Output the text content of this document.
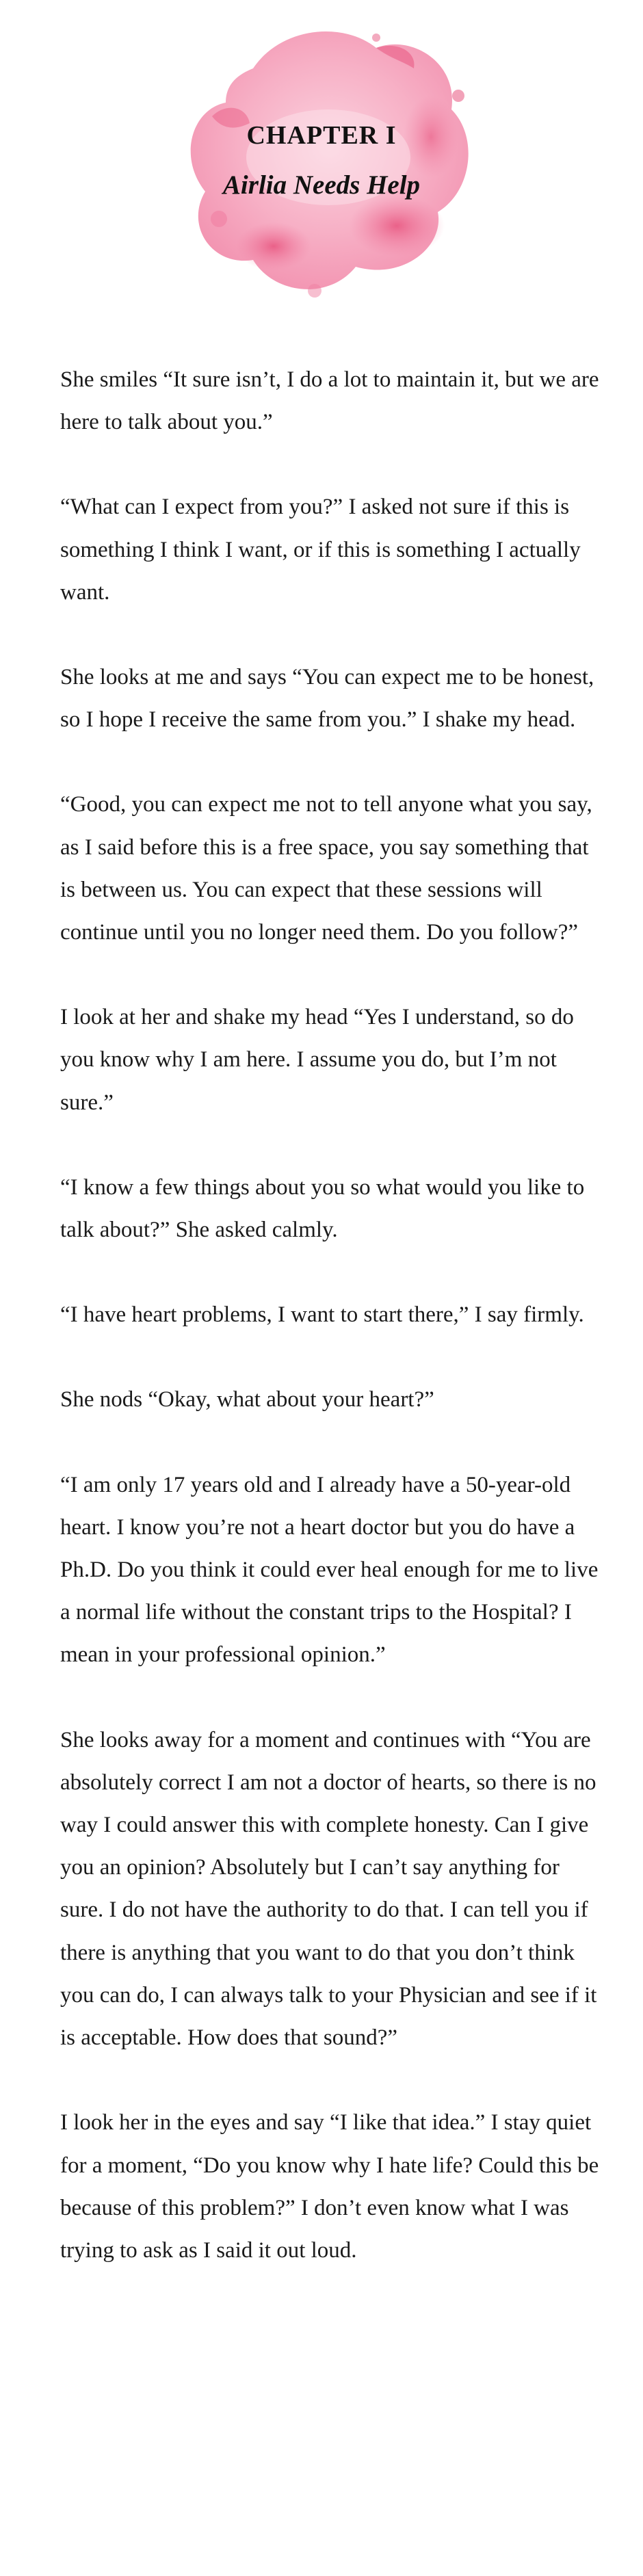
CHAPTER I
Airlia Needs Help

She smiles “It sure isn’t, I do a lot to maintain it, but we are here to talk about you.”

“What can I expect from you?” I asked not sure if this is something I think I want, or if this is something I actually want.

She looks at me and says “You can expect me to be honest, so I hope I receive the same from you.” I shake my head.

“Good, you can expect me not to tell anyone what you say, as I said before this is a free space, you say something that is between us. You can expect that these sessions will continue until you no longer need them. Do you follow?”

I look at her and shake my head “Yes I understand, so do you know why I am here. I assume you do, but I’m not sure.”

“I know a few things about you so what would you like to talk about?” She asked calmly.

“I have heart problems, I want to start there,” I say firmly.

She nods “Okay, what about your heart?”

“I am only 17 years old and I already have a 50-year-old heart. I know you’re not a heart doctor but you do have a Ph.D. Do you think it could ever heal enough for me to live a normal life without the constant trips to the Hospital? I mean in your professional opinion.”

She looks away for a moment and continues with “You are absolutely correct I am not a doctor of hearts, so there is no way I could answer this with complete honesty. Can I give you an opinion? Absolutely but I can’t say anything for sure. I do not have the authority to do that. I can tell you if there is anything that you want to do that you don’t think you can do, I can always talk to your Physician and see if it is acceptable. How does that sound?”

I look her in the eyes and say “I like that idea.” I stay quiet for a moment, “Do you know why I hate life? Could this be because of this problem?” I don’t even know what I was trying to ask as I said it out loud.
